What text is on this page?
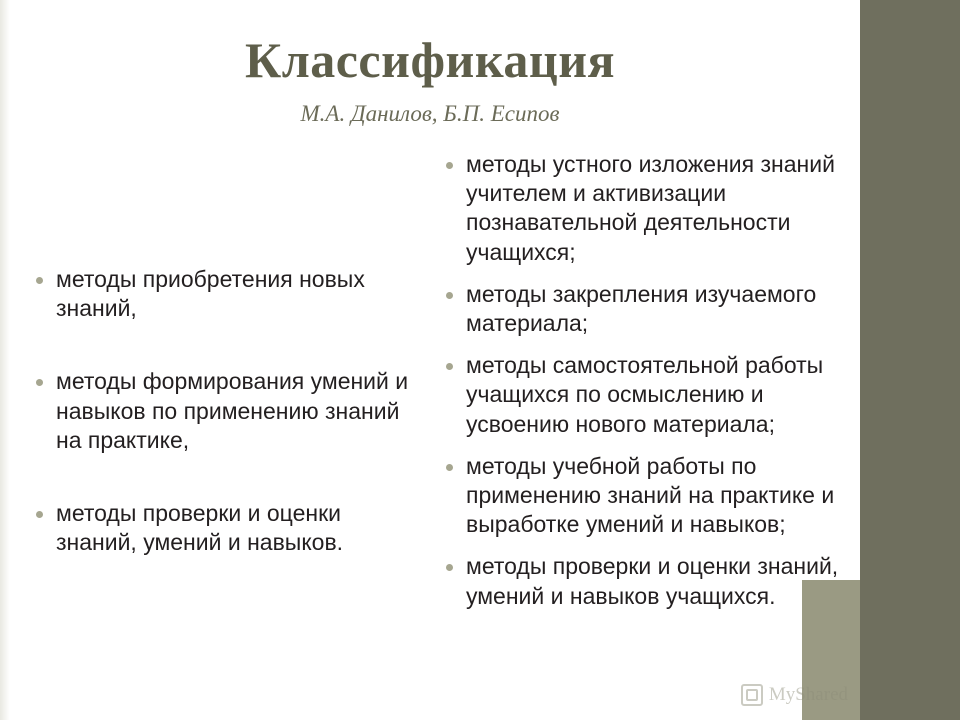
Классификация
М.А. Данилов, Б.П. Есипов
методы приобретения новых знаний,
методы формирования умений и навыков по применению знаний на практике,
методы проверки и оценки знаний, умений и навыков.
методы устного изложения знаний учителем и активизации познавательной деятельности учащихся;
методы закрепления изучаемого материала;
методы самостоятельной работы учащихся по осмыслению и усвоению нового материала;
методы учебной работы по применению знаний на практике и выработке умений и навыков;
методы проверки и оценки знаний, умений и навыков учащихся.
MyShared
